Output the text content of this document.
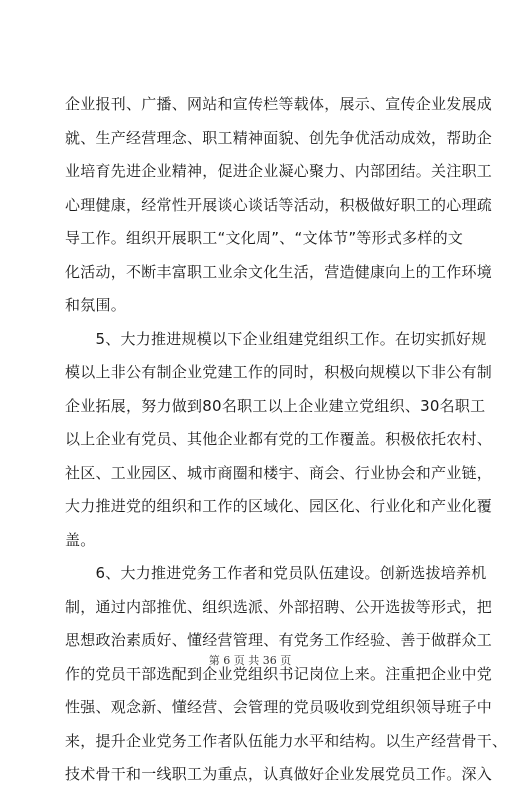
企业报刊、广播、网站和宣传栏等载体，展示、宣传企业发展成
就、生产经营理念、职工精神面貌、创先争优活动成效，帮助企
业培育先进企业精神，促进企业凝心聚力、内部团结。关注职工
心理健康，经常性开展谈心谈话等活动，积极做好职工的心理疏
导工作。组织开展职工“文化周”、“文体节”等形式多样的文
化活动，不断丰富职工业余文化生活，营造健康向上的工作环境
和氛围。
　　5、大力推进规模以下企业组建党组织工作。在切实抓好规
模以上非公有制企业党建工作的同时，积极向规模以下非公有制
企业拓展，努力做到80名职工以上企业建立党组织、30名职工
以上企业有党员、其他企业都有党的工作覆盖。积极依托农村、
社区、工业园区、城市商圈和楼宇、商会、行业协会和产业链，
大力推进党的组织和工作的区域化、园区化、行业化和产业化覆
盖。
　　6、大力推进党务工作者和党员队伍建设。创新选拔培养机
制，通过内部推优、组织选派、外部招聘、公开选拔等形式，把
思想政治素质好、懂经营管理、有党务工作经验、善于做群众工
作的党员干部选配到企业党组织书记岗位上来。注重把企业中党
性强、观念新、懂经营、会管理的党员吸收到党组织领导班子中
来，提升企业党务工作者队伍能力水平和结构。以生产经营骨干、
技术骨干和一线职工为重点，认真做好企业发展党员工作。深入
第 6 页 共 36 页
